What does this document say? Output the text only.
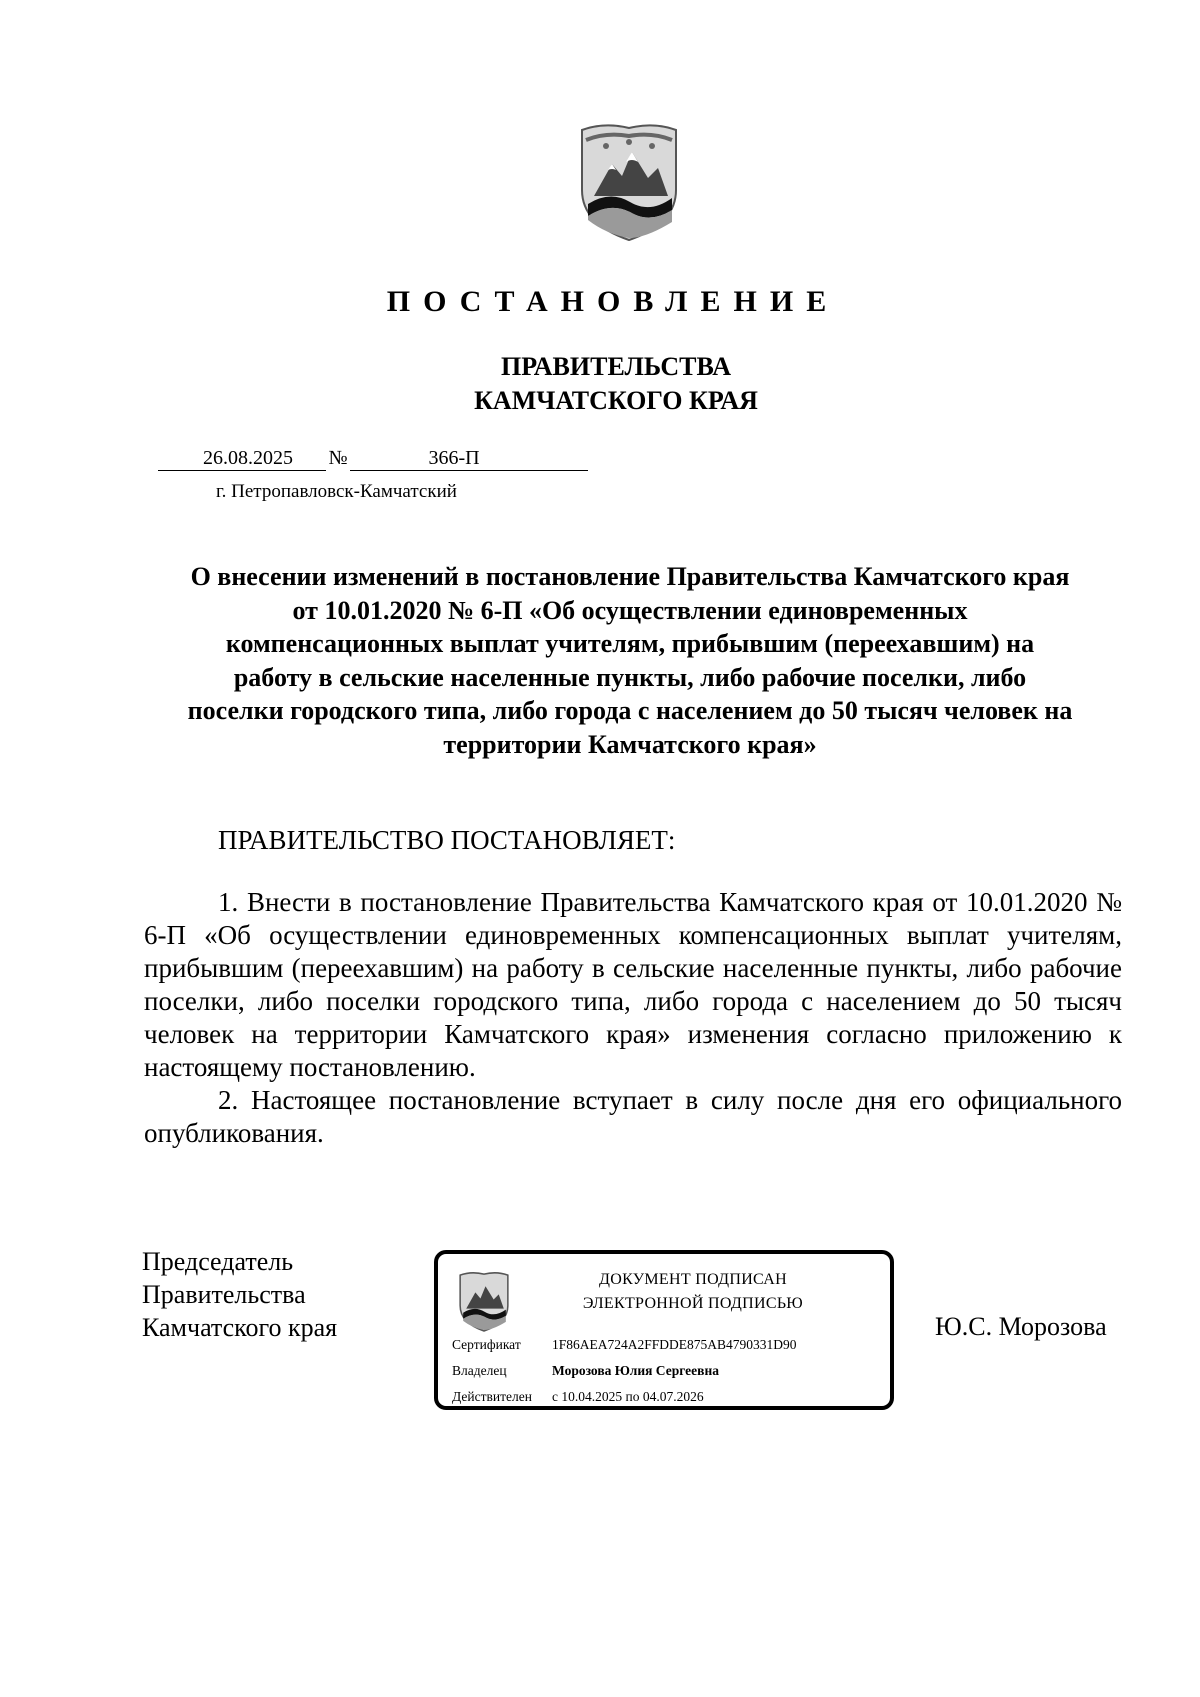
ПОСТАНОВЛЕНИЕ
ПРАВИТЕЛЬСТВА
КАМЧАТСКОГО КРАЯ
26.08.2025	№	366-П
г. Петропавловск-Камчатский
О внесении изменений в постановление Правительства Камчатского края
от 10.01.2020 № 6-П «Об осуществлении единовременных
компенсационных выплат учителям, прибывшим (переехавшим) на
работу в сельские населенные пункты, либо рабочие поселки, либо
поселки городского типа, либо города с населением до 50 тысяч человек на
территории Камчатского края»
ПРАВИТЕЛЬСТВО ПОСТАНОВЛЯЕТ:

1. Внести в постановление Правительства Камчатского края от 10.01.2020 № 6-П «Об осуществлении единовременных компенсационных выплат учителям, прибывшим (переехавшим) на работу в сельские населенные пункты, либо рабочие поселки, либо поселки городского типа, либо города с населением до 50 тысяч человек на территории Камчатского края» изменения согласно приложению к настоящему постановлению.

2. Настоящее постановление вступает в силу после дня его официального опубликования.

Председатель
Правительства
Камчатского края
ДОКУМЕНТ ПОДПИСАН
ЭЛЕКТРОННОЙ ПОДПИСЬЮ
Сертификат 1F86AEA724A2FFDDE875AB4790331D90
Владелец	Морозова Юлия Сергеевна
Действителен с 10.04.2025 по 04.07.2026
Ю.С. Морозова
